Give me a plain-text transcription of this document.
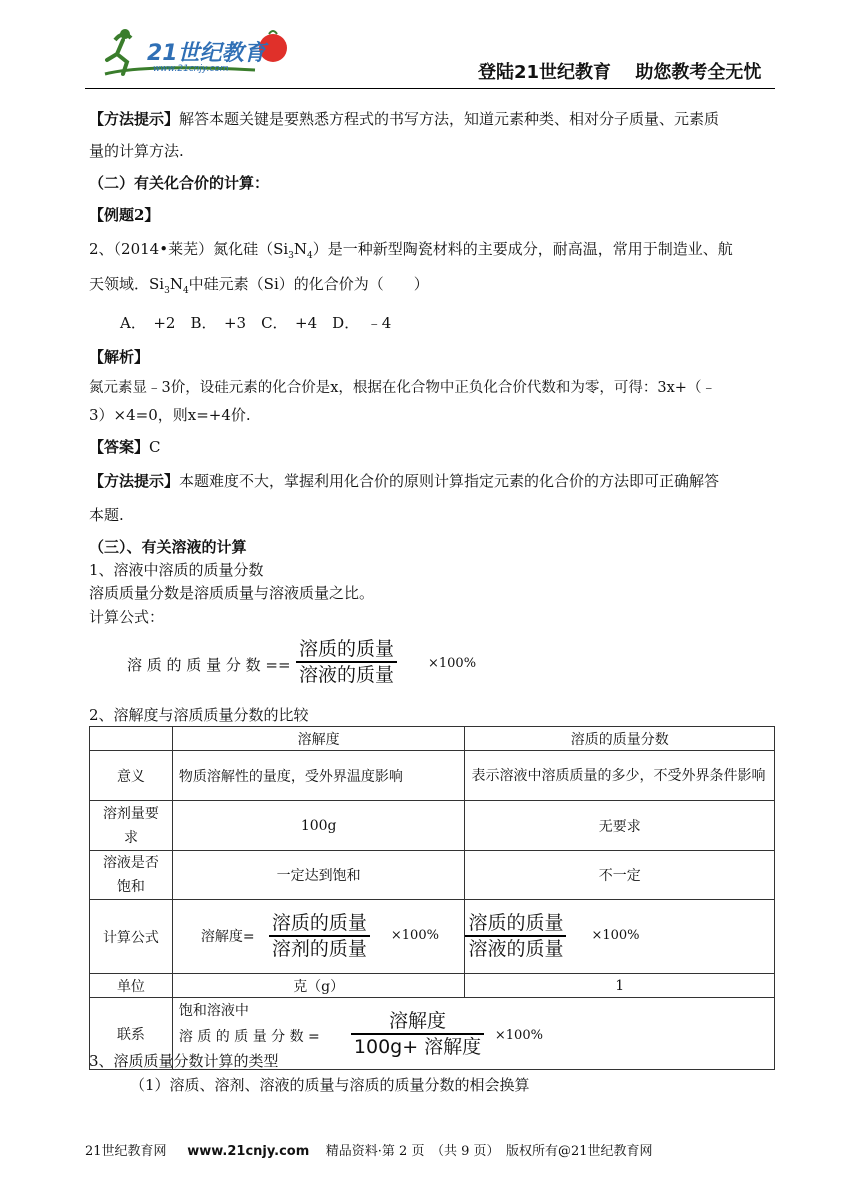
21世纪教育
www.21cnjy.com	登陆21世纪教育　 助您教考全无忧
【方法提示】解答本题关键是要熟悉方程式的书写方法，知道元素种类、相对分子质量、元素质
量的计算方法.
（二）有关化合价的计算：
【例题2】
2、（2014•莱芜）氮化硅$(Si_3N_4)$是一种新型陶瓷材料的主要成分，耐高温，常用于制造业、航
天领域．$Si_3N_4$中硅元素（Si）的化合价为（　　）
A．　+2　B．　+3　C．　+4　D．　﹣4
【解析】
氮元素显﹣3价，设硅元素的化合价是x，根据在化合物中正负化合价代数和为零，可得：3x+（﹣
3）×4=0，则x=+4价.
【答案】C
【方法提示】本题难度不大，掌握利用化合价的原则计算指定元素的化合价的方法即可正确解答
本题.
（三）、有关溶液的计算
1、溶液中溶质的质量分数
溶质质量分数是溶质质量与溶液质量之比。
计算公式：
溶 质 的 质 量 分 数 ==
溶质的质量
溶液的质量
×100%
2、溶解度与溶质质量分数的比较
	溶解度	溶质的质量分数
意义	物质溶解性的量度，受外界温度影响	表示溶液中溶质质量的多少，不受外界条件影响
溶剂量要求	100g	无要求
溶液是否饱和	一定达到饱和	不一定
计算公式	溶解度=
溶质的质量
溶剂的质量
×100%	溶质的质量
溶液的质量
×100%

单位	克（g）	1
联系	饱和溶液中
溶 质 的 质 量 分 数 =
溶解度
100g+ 溶解度
×100%	
3、溶质质量分数计算的类型
（1）溶质、溶剂、溶液的质量与溶质的质量分数的相会换算
21世纪教育网 www.21cnjy.com 精品资料·第 2 页　（共 9 页）　版权所有@21世纪教育网
